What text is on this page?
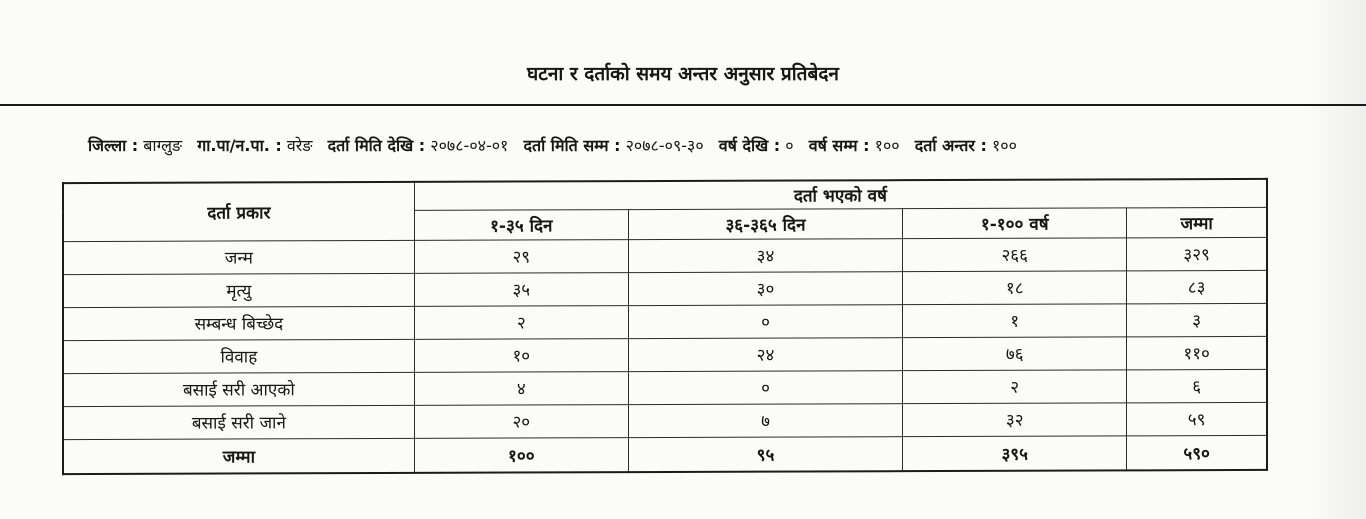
घटना र दर्ताको समय अन्तर अनुसार प्रतिबेदन
जिल्ला : बाग्लुङ गा.पा/न.पा. : वरेङ दर्ता मिति देखि : २०७८-०४-०१ दर्ता मिति सम्म : २०७८-०९-३० वर्ष देखि : ० वर्ष सम्म : १०० दर्ता अन्तर : १००
दर्ता प्रकार	दर्ता भएको वर्ष			
	१-३५ दिन	३६-३६५ दिन	१-१०० वर्ष	जम्मा
जन्म	२९	३४	२६६	३२९
मृत्यु	३५	३०	१८	८३
सम्बन्ध बिच्छेद	२	०	१	३
विवाह	१०	२४	७६	११०
बसाई सरी आएको	४	०	२	६
बसाई सरी जाने	२०	७	३२	५९
जम्मा	१००	९५	३९५	५९०
